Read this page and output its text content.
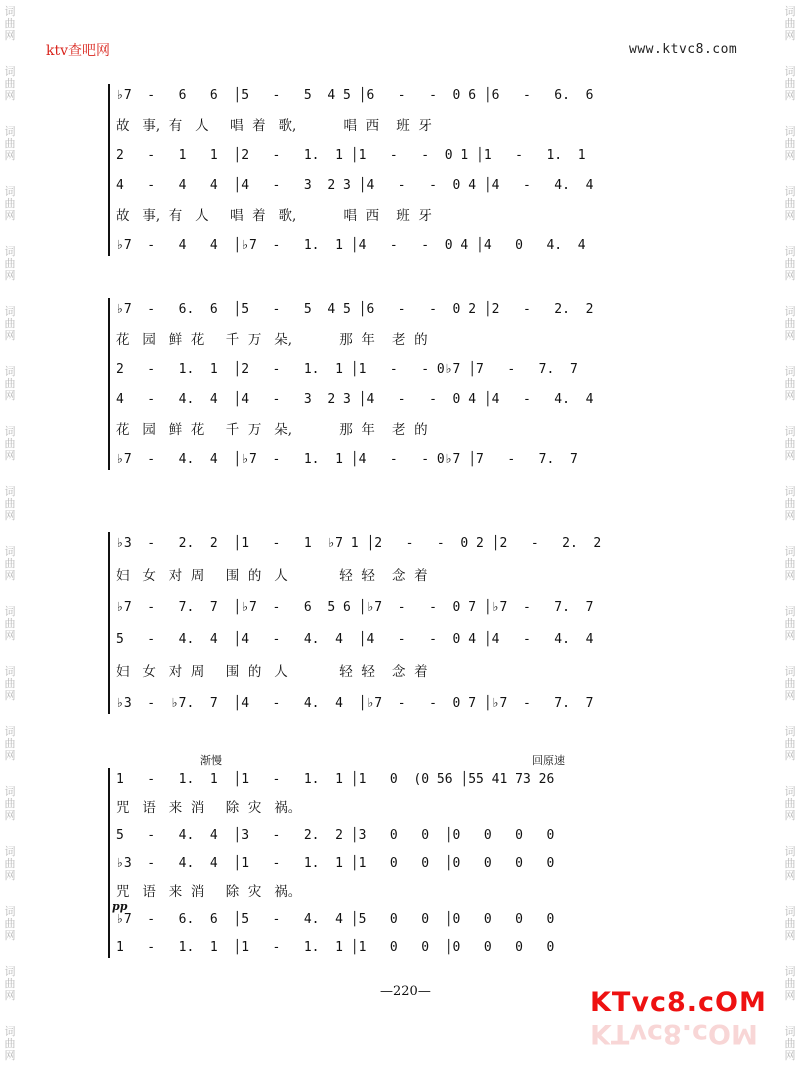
词
曲
网
词
曲
网
词
曲
网
词
曲
网
词
曲
网
词
曲
网
词
曲
网
词
曲
网
词
曲
网
词
曲
网
词
曲
网
词
曲
网
词
曲
网
词
曲
网
词
曲
网
词
曲
网
词
曲
网
词
曲
网
词
曲
网
词
曲
网
词
曲
网
词
曲
网
词
曲
网
词
曲
网
词
曲
网
词
曲
网
词
曲
网
词
曲
网
词
曲
网
词
曲
网
词
曲
网
词
曲
网
词
曲
网
词
曲
网
词
曲
网
词
曲
网
ktv查吧网	www.ktvc8.com
♭7  -   6   6  │5   -   5  4 5 │6   -   -  0 6 │6   -   6.  6
故   事,  有   人     唱  着   歌,           唱  西    班  牙
2   -   1   1  │2   -   1.  1 │1   -   -  0 1 │1   -   1.  1
4   -   4   4  │4   -   3  2 3 │4   -   -  0 4 │4   -   4.  4
故   事,  有   人     唱  着   歌,           唱  西    班  牙
♭7  -   4   4  │♭7  -   1.  1 │4   -   -  0 4 │4   0   4.  4
♭7  -   6.  6  │5   -   5  4 5 │6   -   -  0 2 │2   -   2.  2
花   园   鲜  花     千  万   朵,           那  年    老  的
2   -   1.  1  │2   -   1.  1 │1   -   - 0♭7 │7   -   7.  7
4   -   4.  4  │4   -   3  2 3 │4   -   -  0 4 │4   -   4.  4
花   园   鲜  花     千  万   朵,           那  年    老  的
♭7  -   4.  4  │♭7  -   1.  1 │4   -   - 0♭7 │7   -   7.  7
♭3  -   2.  2  │1   -   1  ♭7 1 │2   -   -  0 2 │2   -   2.  2
妇   女   对  周     围  的   人            轻  轻    念  着
♭7  -   7.  7  │♭7  -   6  5 6 │♭7  -   -  0 7 │♭7  -   7.  7
5   -   4.  4  │4   -   4.  4  │4   -   -  0 4 │4   -   4.  4
妇   女   对  周     围  的   人            轻  轻    念  着
♭3  -  ♭7.  7  │4   -   4.  4  │♭7  -   -  0 7 │♭7  -   7.  7
1   -   1.  1  │1   -   1.  1 │1   0  (0 56 │55 41 73 26
咒   语   来  消     除  灾   祸。
5   -   4.  4  │3   -   2.  2 │3   0   0  │0   0   0   0
♭3  -   4.  4  │1   -   1.  1 │1   0   0  │0   0   0   0
咒   语   来  消     除  灾   祸。
♭7  -   6.  6  │5   -   4.  4 │5   0   0  │0   0   0   0
1   -   1.  1  │1   -   1.  1 │1   0   0  │0   0   0   0
渐慢	回原速
pp
—220—	KTvc8.cOM
KTvc8.cOM
